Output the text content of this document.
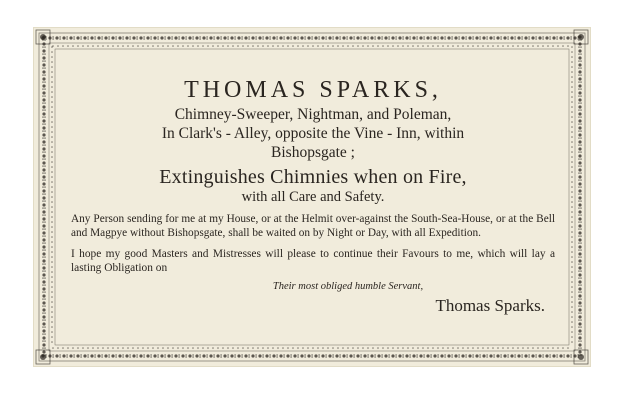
THOMAS SPARKS,

Chimney-Sweeper, Nightman, and Poleman,

In Clark's - Alley, opposite the Vine - Inn, within

Bishopsgate ;

Extinguishes Chimnies when on Fire,

with all Care and Safety.

Any Person sending for me at my House, or at the Helmit over-against the South-Sea-House, or at the Bell and Magpye without Bishopsgate, shall be waited on by Night or Day, with all Expedition.

I hope my good Masters and Mistresses will please to continue their Favours to me, which will lay a lasting Obligation on

Their most obliged humble Servant,

Thomas Sparks.
